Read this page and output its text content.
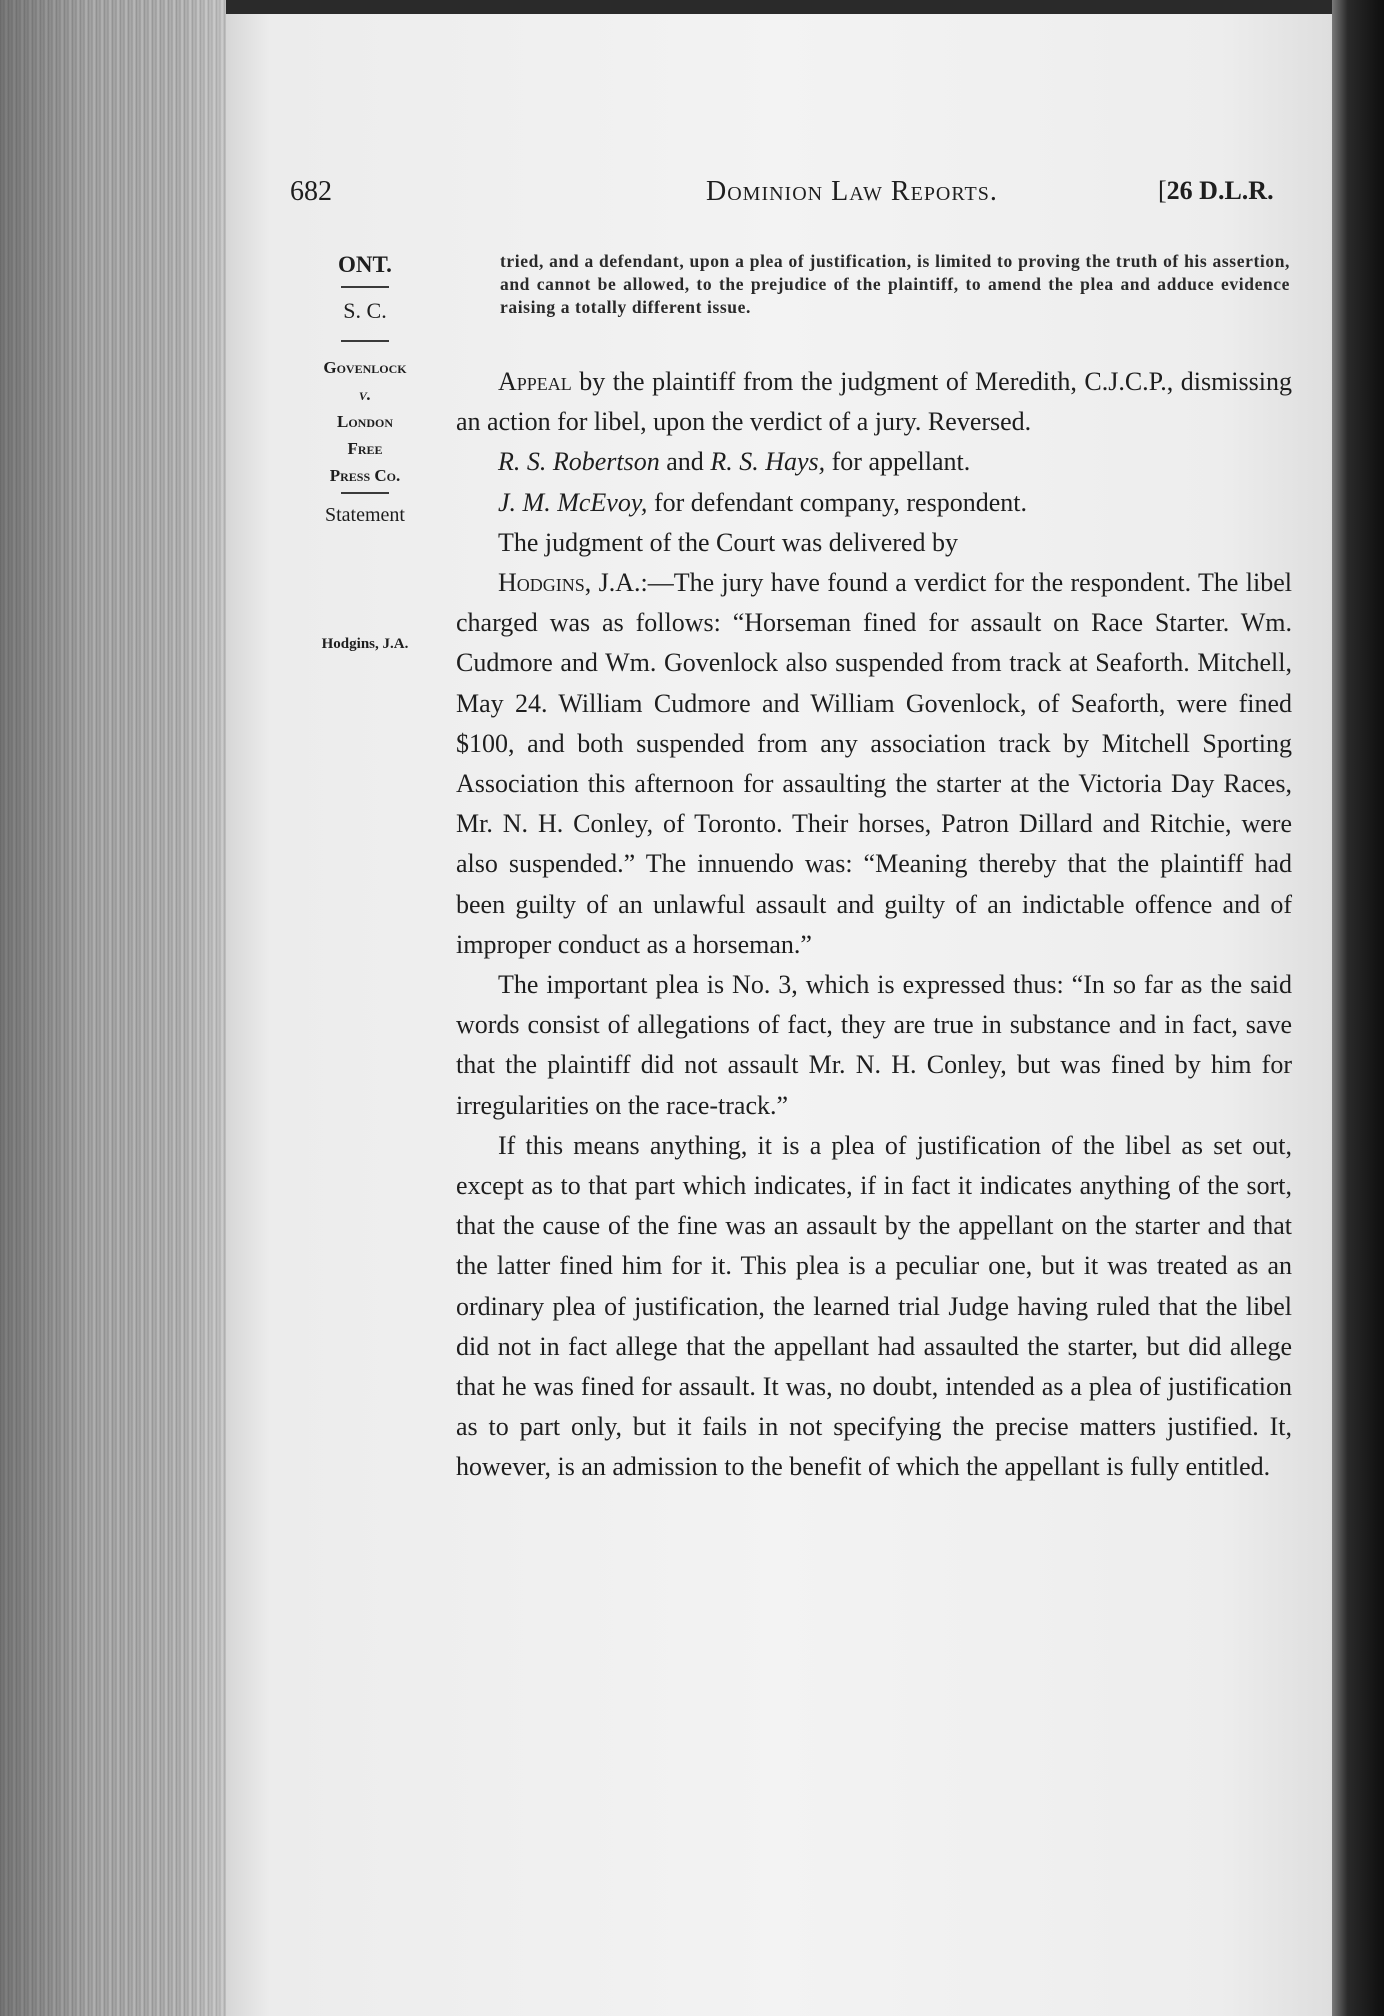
682	Dominion Law Reports.	[26 D.L.R.
ONT.
S. C.
Govenlock
v.
London
Free
Press Co.
Statement
Hodgins, J.A.
tried, and a defendant, upon a plea of justification, is limited to proving the truth of his assertion, and cannot be allowed, to the prejudice of the plaintiff, to amend the plea and adduce evidence raising a totally different issue.

Appeal by the plaintiff from the judgment of Meredith, C.J.C.P., dismissing an action for libel, upon the verdict of a jury. Reversed.

R. S. Robertson and R. S. Hays, for appellant.

J. M. McEvoy, for defendant company, respondent.

The judgment of the Court was delivered by

Hodgins, J.A.:—The jury have found a verdict for the respondent. The libel charged was as follows: “Horseman fined for assault on Race Starter. Wm. Cudmore and Wm. Govenlock also suspended from track at Seaforth. Mitchell, May 24. William Cudmore and William Govenlock, of Seaforth, were fined $100, and both suspended from any association track by Mitchell Sporting Association this afternoon for assaulting the starter at the Victoria Day Races, Mr. N. H. Conley, of Toronto. Their horses, Patron Dillard and Ritchie, were also suspended.” The innuendo was: “Meaning thereby that the plaintiff had been guilty of an unlawful assault and guilty of an indictable offence and of improper conduct as a horseman.”

The important plea is No. 3, which is expressed thus: “In so far as the said words consist of allegations of fact, they are true in substance and in fact, save that the plaintiff did not assault Mr. N. H. Conley, but was fined by him for irregularities on the race-track.”

If this means anything, it is a plea of justification of the libel as set out, except as to that part which indicates, if in fact it indicates anything of the sort, that the cause of the fine was an assault by the appellant on the starter and that the latter fined him for it. This plea is a peculiar one, but it was treated as an ordinary plea of justification, the learned trial Judge having ruled that the libel did not in fact allege that the appellant had assaulted the starter, but did allege that he was fined for assault. It was, no doubt, intended as a plea of justification as to part only, but it fails in not specifying the precise matters justified. It, however, is an admission to the benefit of which the appellant is fully entitled.
